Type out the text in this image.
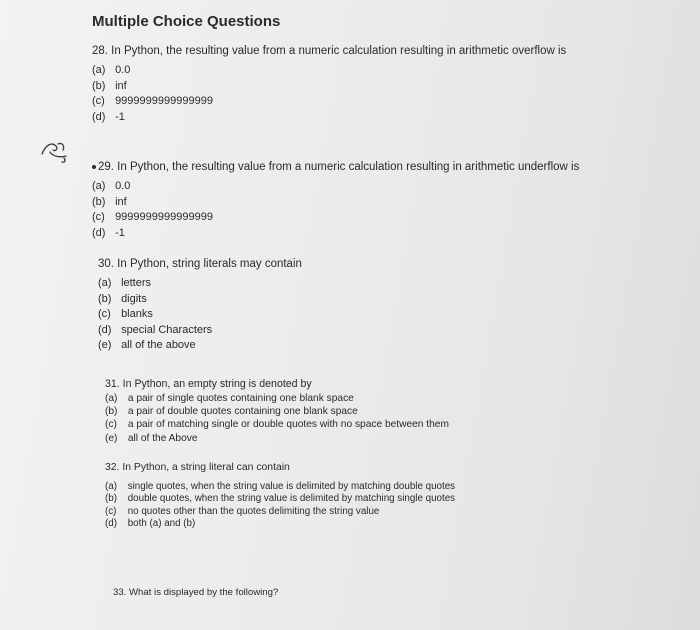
Multiple Choice Questions
28. In Python, the resulting value from a numeric calculation resulting in arithmetic overflow is
(a) 0.0
(b) inf
(c) 9999999999999999
(d) -1
29. In Python, the resulting value from a numeric calculation resulting in arithmetic underflow is
(a) 0.0
(b) inf
(c) 9999999999999999
(d) -1
30. In Python, string literals may contain
(a) letters
(b) digits
(c) blanks
(d) special Characters
(e) all of the above
31. In Python, an empty string is denoted by
(a) a pair of single quotes containing one blank space
(b) a pair of double quotes containing one blank space
(c) a pair of matching single or double quotes with no space between them
(e) all of the Above
32. In Python, a string literal can contain
(a) single quotes, when the string value is delimited by matching double quotes
(b) double quotes, when the string value is delimited by matching single quotes
(c) no quotes other than the quotes delimiting the string value
(d) both (a) and (b)
33. What is displayed by the following?
